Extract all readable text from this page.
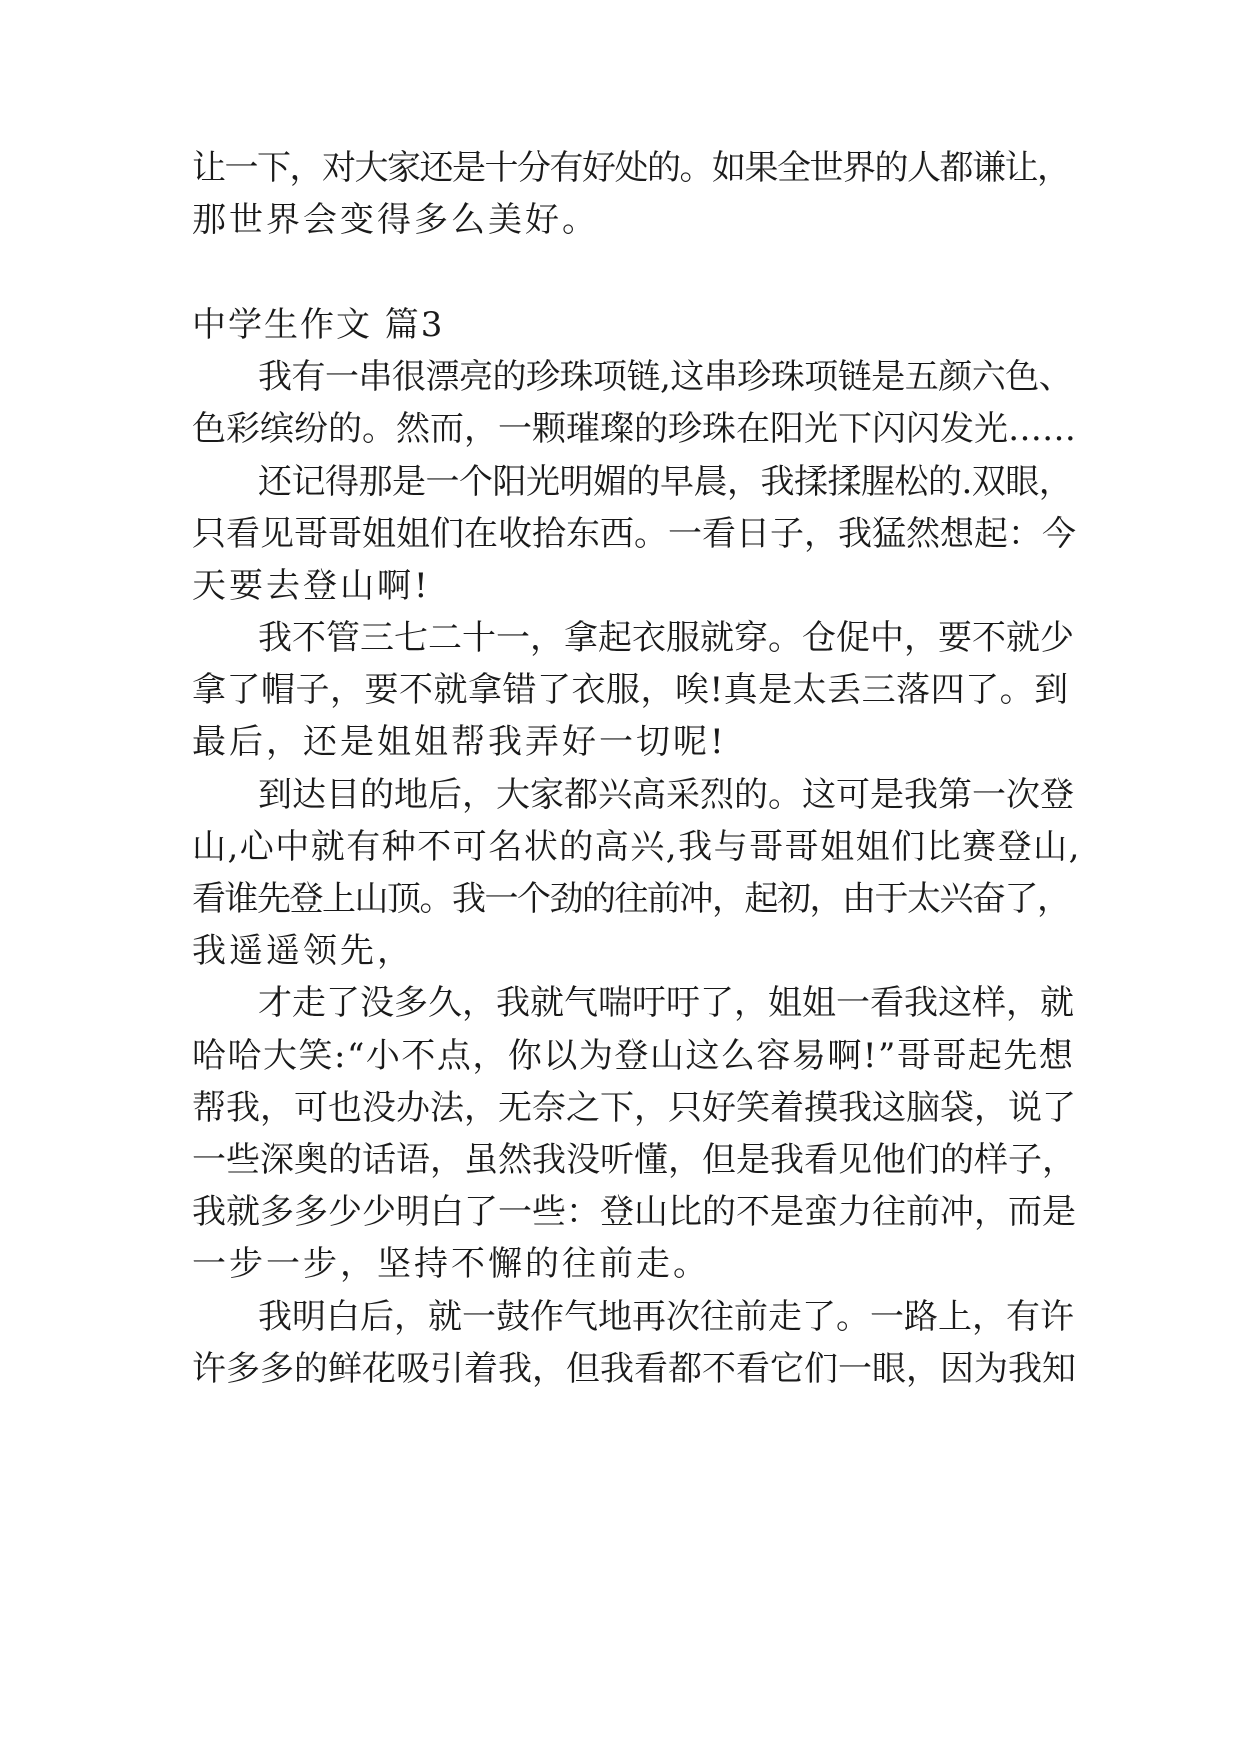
让一下，对大家还是十分有好处的。如果全世界的人都谦让，
那世界会变得多么美好。
中学生作文 篇3
我有一串很漂亮的珍珠项链,这串珍珠项链是五颜六色、
色彩缤纷的。然而，一颗璀璨的珍珠在阳光下闪闪发光……
还记得那是一个阳光明媚的早晨，我揉揉腥松的.双眼，
只看见哥哥姐姐们在收拾东西。一看日子，我猛然想起：今
天要去登山啊!
我不管三七二十一，拿起衣服就穿。仓促中，要不就少
拿了帽子，要不就拿错了衣服，唉!真是太丢三落四了。到
最后，还是姐姐帮我弄好一切呢!
到达目的地后，大家都兴高采烈的。这可是我第一次登
山,心中就有种不可名状的高兴,我与哥哥姐姐们比赛登山,
看谁先登上山顶。我一个劲的往前冲，起初，由于太兴奋了，
我遥遥领先，
才走了没多久，我就气喘吁吁了，姐姐一看我这样，就
哈哈大笑:“小不点，你以为登山这么容易啊!”哥哥起先想
帮我，可也没办法，无奈之下，只好笑着摸我这脑袋，说了
一些深奥的话语，虽然我没听懂，但是我看见他们的样子，
我就多多少少明白了一些：登山比的不是蛮力往前冲，而是
一步一步，坚持不懈的往前走。
我明白后，就一鼓作气地再次往前走了。一路上，有许
许多多的鲜花吸引着我，但我看都不看它们一眼，因为我知
